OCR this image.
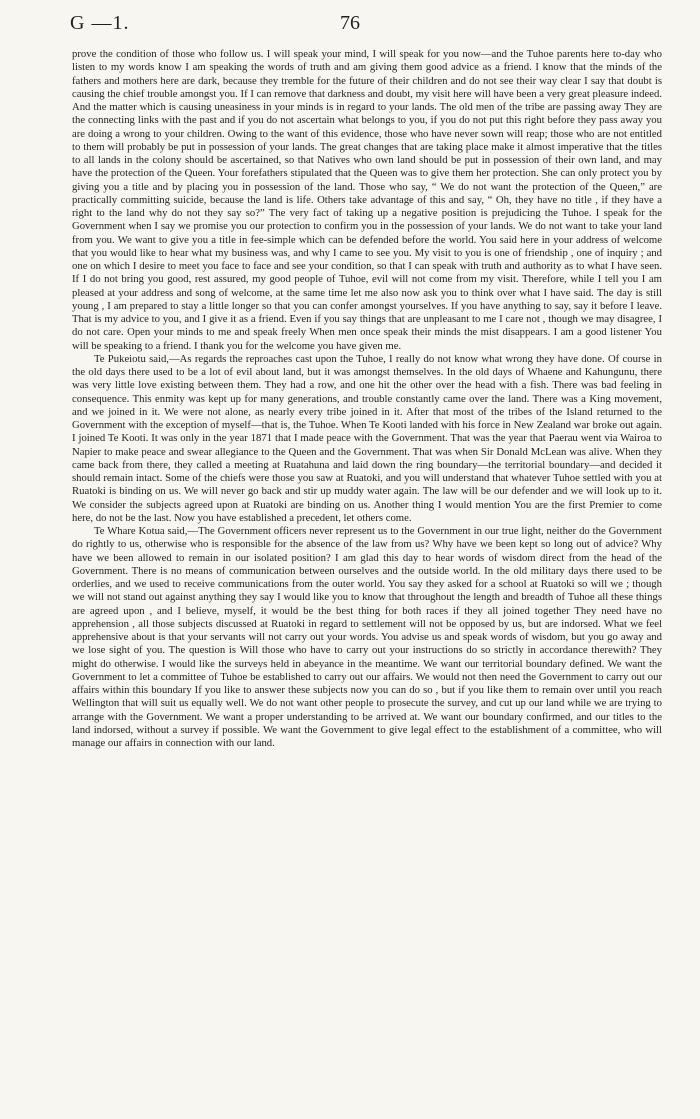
G —1.	76

prove the condition of those who follow us. I will speak your mind, I will speak for you now—and the Tuhoe parents here to-day who listen to my words know I am speaking the words of truth and am giving them good advice as a friend. I know that the minds of the fathers and mothers here are dark, because they tremble for the future of their children and do not see their way clear I say that doubt is causing the chief trouble amongst you. If I can remove that darkness and doubt, my visit here will have been a very great pleasure indeed. And the matter which is causing uneasiness in your minds is in regard to your lands. The old men of the tribe are passing away They are the connecting links with the past and if you do not ascertain what belongs to you, if you do not put this right before they pass away you are doing a wrong to your children. Owing to the want of this evidence, those who have never sown will reap; those who are not entitled to them will probably be put in possession of your lands. The great changes that are taking place make it almost imperative that the titles to all lands in the colony should be ascertained, so that Natives who own land should be put in possession of their own land, and may have the protection of the Queen. Your forefathers stipulated that the Queen was to give them her protection. She can only protect you by giving you a title and by placing you in possession of the land. Those who say, “ We do not want the protection of the Queen,” are practically committing suicide, because the land is life. Others take advantage of this and say, “ Oh, they have no title , if they have a right to the land why do not they say so?” The very fact of taking up a negative position is prejudicing the Tuhoe. I speak for the Government when I say we promise you our protection to confirm you in the possession of your lands. We do not want to take your land from you. We want to give you a title in fee-simple which can be defended before the world. You said here in your address of welcome that you would like to hear what my business was, and why I came to see you. My visit to you is one of friendship , one of inquiry ; and one on which I desire to meet you face to face and see your condition, so that I can speak with truth and authority as to what I have seen. If I do not bring you good, rest assured, my good people of Tuhoe, evil will not come from my visit. Therefore, while I tell you I am pleased at your address and song of welcome, at the same time let me also now ask you to think over what I have said. The day is still young , I am prepared to stay a little longer so that you can confer amongst yourselves. If you have anything to say, say it before I leave. That is my advice to you, and I give it as a friend. Even if you say things that are unpleasant to me I care not , though we may disagree, I do not care. Open your minds to me and speak freely When men once speak their minds the mist disappears. I am a good listener You will be speaking to a friend. I thank you for the welcome you have given me.

Te Pukeiotu said,—As regards the reproaches cast upon the Tuhoe, I really do not know what wrong they have done. Of course in the old days there used to be a lot of evil about land, but it was amongst themselves. In the old days of Whaene and Kahungunu, there was very little love existing between them. They had a row, and one hit the other over the head with a fish. There was bad feeling in consequence. This enmity was kept up for many generations, and trouble constantly came over the land. There was a King movement, and we joined in it. We were not alone, as nearly every tribe joined in it. After that most of the tribes of the Island returned to the Government with the exception of myself—that is, the Tuhoe. When Te Kooti landed with his force in New Zealand war broke out again. I joined Te Kooti. It was only in the year 1871 that I made peace with the Government. That was the year that Paerau went via Wairoa to Napier to make peace and swear allegiance to the Queen and the Government. That was when Sir Donald McLean was alive. When they came back from there, they called a meeting at Ruatahuna and laid down the ring boundary—the territorial boundary—and decided it should remain intact. Some of the chiefs were those you saw at Ruatoki, and you will understand that whatever Tuhoe settled with you at Ruatoki is binding on us. We will never go back and stir up muddy water again. The law will be our defender and we will look up to it. We consider the subjects agreed upon at Ruatoki are binding on us. Another thing I would mention You are the first Premier to come here, do not be the last. Now you have established a precedent, let others come.

Te Whare Kotua said,—The Government officers never represent us to the Government in our true light, neither do the Government do rightly to us, otherwise who is responsible for the absence of the law from us? Why have we been kept so long out of advice? Why have we been allowed to remain in our isolated position? I am glad this day to hear words of wisdom direct from the head of the Government. There is no means of communication between ourselves and the outside world. In the old military days there used to be orderlies, and we used to receive communications from the outer world. You say they asked for a school at Ruatoki so will we ; though we will not stand out against anything they say I would like you to know that throughout the length and breadth of Tuhoe all these things are agreed upon , and I believe, myself, it would be the best thing for both races if they all joined together They need have no apprehension , all those subjects discussed at Ruatoki in regard to settlement will not be opposed by us, but are indorsed. What we feel apprehensive about is that your servants will not carry out your words. You advise us and speak words of wisdom, but you go away and we lose sight of you. The question is Will those who have to carry out your instructions do so strictly in accordance therewith? They might do otherwise. I would like the surveys held in abeyance in the meantime. We want our territorial boundary defined. We want the Government to let a committee of Tuhoe be established to carry out our affairs. We would not then need the Government to carry out our affairs within this boundary If you like to answer these subjects now you can do so , but if you like them to remain over until you reach Wellington that will suit us equally well. We do not want other people to prosecute the survey, and cut up our land while we are trying to arrange with the Government. We want a proper understanding to be arrived at. We want our boundary confirmed, and our titles to the land indorsed, without a survey if possible. We want the Government to give legal effect to the establishment of a committee, who will manage our affairs in connection with our land.
